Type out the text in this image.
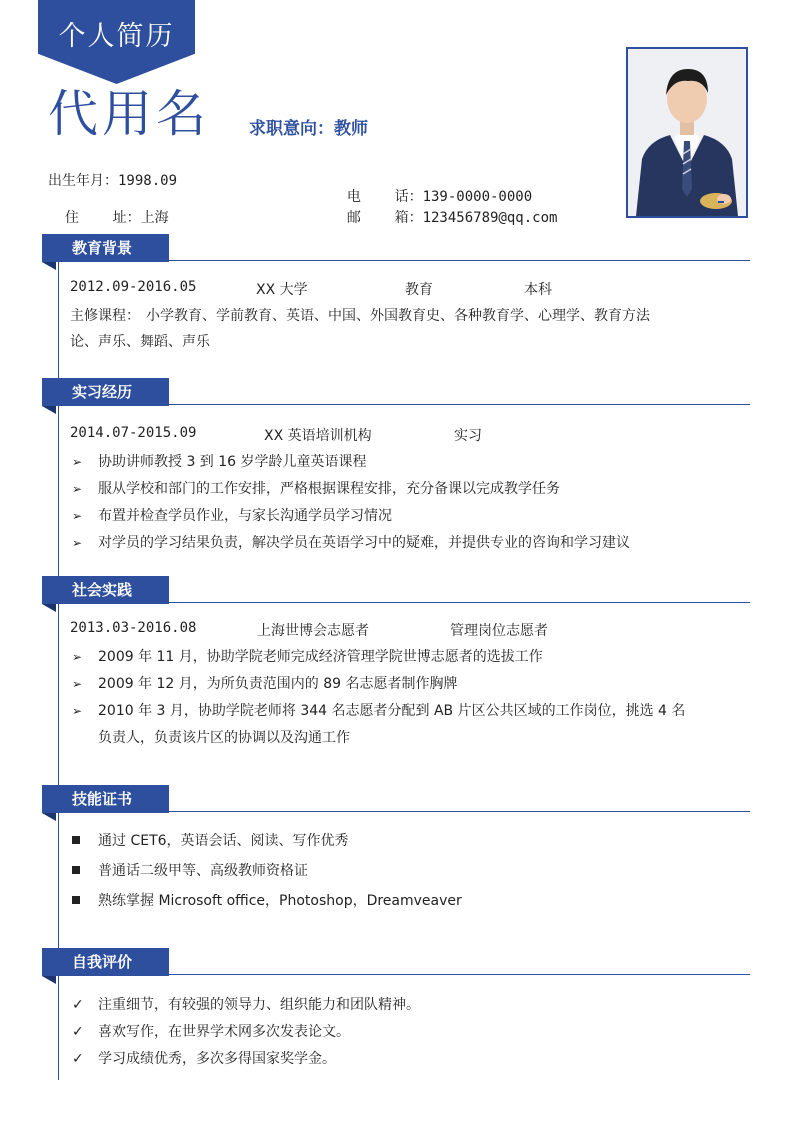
个人简历
代用名 求职意向：教师
出生年月：1998.09

住    址：上海

电    话：139-0000-0000

邮    箱：123456789@qq.com

教育背景
2012.09-2016.05	XX 大学	教育	本科
主修课程： 小学教育、学前教育、英语、中国、外国教育史、各种教育学、心理学、教育方法
论、声乐、舞蹈、声乐
实习经历
2014.07-2015.09	XX 英语培训机构	实习
➢ 协助讲师教授 3 到 16 岁学龄儿童英语课程
➢ 服从学校和部门的工作安排，严格根据课程安排，充分备课以完成教学任务
➢ 布置并检查学员作业，与家长沟通学员学习情况
➢ 对学员的学习结果负责，解决学员在英语学习中的疑难，并提供专业的咨询和学习建议
社会实践
2013.03-2016.08	上海世博会志愿者	管理岗位志愿者
➢ 2009 年 11 月，协助学院老师完成经济管理学院世博志愿者的选拔工作
➢ 2009 年 12 月，为所负责范围内的 89 名志愿者制作胸牌
➢ 2010 年 3 月，协助学院老师将 344 名志愿者分配到 AB 片区公共区域的工作岗位，挑选 4 名
负责人，负责该片区的协调以及沟通工作
技能证书
通过 CET6，英语会话、阅读、写作优秀
普通话二级甲等、高级教师资格证
熟练掌握 Microsoft office，Photoshop，Dreamveaver
自我评价
✓ 注重细节，有较强的领导力、组织能力和团队精神。
✓ 喜欢写作，在世界学术网多次发表论文。
✓ 学习成绩优秀，多次多得国家奖学金。
